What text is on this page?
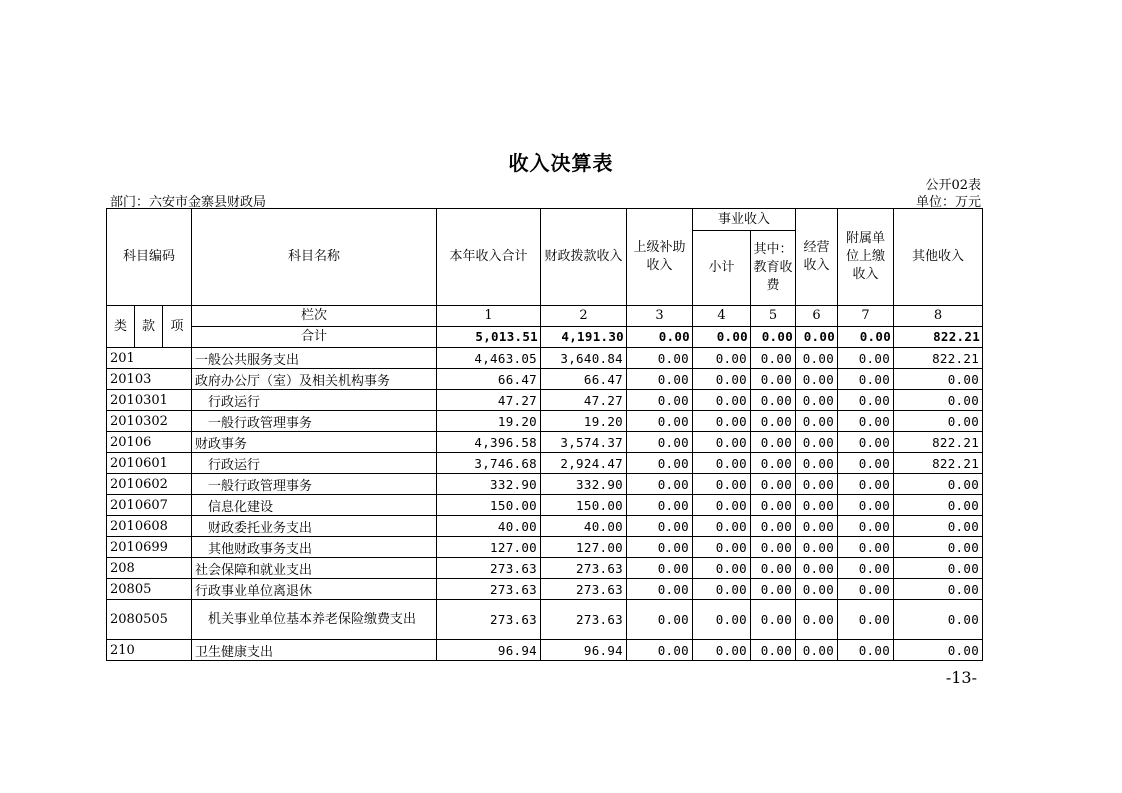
收入决算表
公开02表
部门：六安市金寨县财政局	单位：万元
科目编码			科目名称	本年收入合计	财政拨款收入	上级补助收入	事业收入		经营收入	附属单位上缴收入	其他收入
							小计	其中：教育收费			
类	款	项	栏次	1	2	3	4	5	6	7	8
			合计	5,013.51	4,191.30	0.00	0.00	0.00	0.00	0.00	822.21
201			一般公共服务支出	4,463.05	3,640.84	0.00	0.00	0.00	0.00	0.00	822.21
20103			政府办公厅（室）及相关机构事务	66.47	66.47	0.00	0.00	0.00	0.00	0.00	0.00
2010301			行政运行	47.27	47.27	0.00	0.00	0.00	0.00	0.00	0.00
2010302			一般行政管理事务	19.20	19.20	0.00	0.00	0.00	0.00	0.00	0.00
20106			财政事务	4,396.58	3,574.37	0.00	0.00	0.00	0.00	0.00	822.21
2010601			行政运行	3,746.68	2,924.47	0.00	0.00	0.00	0.00	0.00	822.21
2010602			一般行政管理事务	332.90	332.90	0.00	0.00	0.00	0.00	0.00	0.00
2010607			信息化建设	150.00	150.00	0.00	0.00	0.00	0.00	0.00	0.00
2010608			财政委托业务支出	40.00	40.00	0.00	0.00	0.00	0.00	0.00	0.00
2010699			其他财政事务支出	127.00	127.00	0.00	0.00	0.00	0.00	0.00	0.00
208			社会保障和就业支出	273.63	273.63	0.00	0.00	0.00	0.00	0.00	0.00
20805			行政事业单位离退休	273.63	273.63	0.00	0.00	0.00	0.00	0.00	0.00
2080505			机关事业单位基本养老保险缴费支出	273.63	273.63	0.00	0.00	0.00	0.00	0.00	0.00
210			卫生健康支出	96.94	96.94	0.00	0.00	0.00	0.00	0.00	0.00
-13-
